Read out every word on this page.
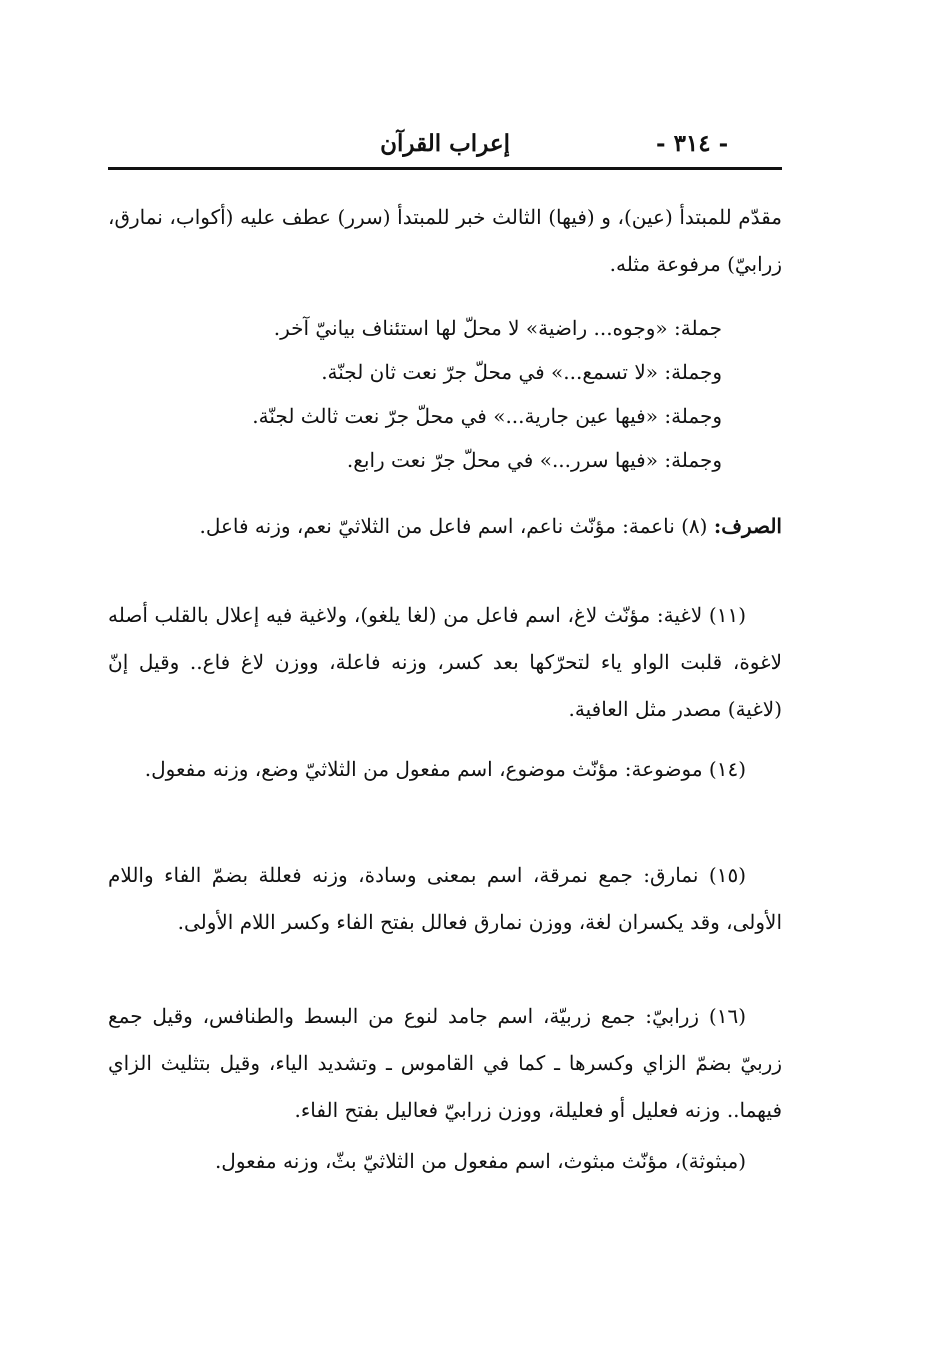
- ٣١٤ -
إعراب القرآن

مقدّم للمبتدأ (عين)، و (فيها) الثالث خبر للمبتدأ (سرر) عطف عليه (أكواب، نمارق، زرابيّ) مرفوعة مثله.

جملة: «وجوه... راضية» لا محلّ لها استئناف بيانيّ آخر.
وجملة: «لا تسمع...» في محلّ جرّ نعت ثان لجنّة.
وجملة: «فيها عين جارية...» في محلّ جرّ نعت ثالث لجنّة.
وجملة: «فيها سرر...» في محلّ جرّ نعت رابع.

الصرف: (٨) ناعمة: مؤنّث ناعم، اسم فاعل من الثلاثيّ نعم، وزنه فاعل.

(١١) لاغية: مؤنّث لاغ، اسم فاعل من (لغا يلغو)، ولاغية فيه إعلال بالقلب أصله لاغوة، قلبت الواو ياء لتحرّكها بعد كسر، وزنه فاعلة، ووزن لاغ فاع.. وقيل إنّ (لاغية) مصدر مثل العافية.

(١٤) موضوعة: مؤنّث موضوع، اسم مفعول من الثلاثيّ وضع، وزنه مفعول.

(١٥) نمارق: جمع نمرقة، اسم بمعنى وسادة، وزنه فعللة بضمّ الفاء واللام الأولى، وقد يكسران لغة، ووزن نمارق فعالل بفتح الفاء وكسر اللام الأولى.

(١٦) زرابيّ: جمع زربيّة، اسم جامد لنوع من البسط والطنافس، وقيل جمع زربيّ بضمّ الزاي وكسرها ـ كما في القاموس ـ وتشديد الياء، وقيل بتثليث الزاي فيهما.. وزنه فعليل أو فعليلة، ووزن زرابيّ فعاليل بفتح الفاء.

(مبثوثة)، مؤنّث مبثوث، اسم مفعول من الثلاثيّ بثّ، وزنه مفعول.
